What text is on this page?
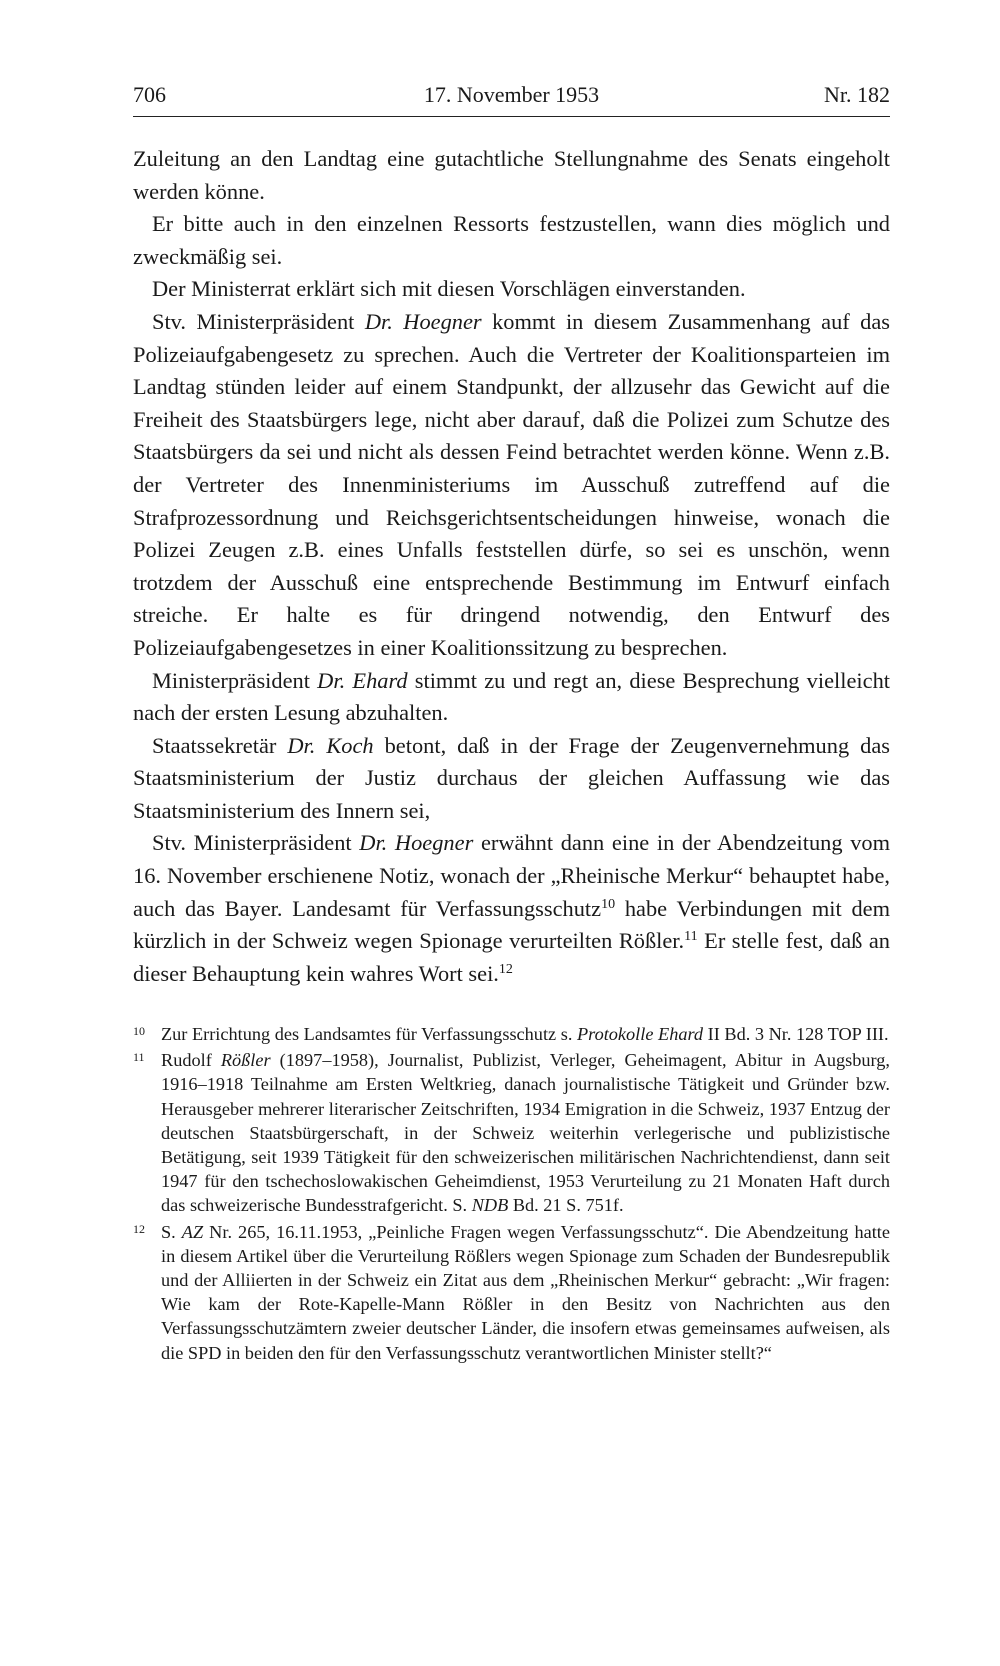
706	17. November 1953	Nr. 182

Zuleitung an den Landtag eine gutachtliche Stellungnahme des Senats eingeholt werden könne.

Er bitte auch in den einzelnen Ressorts festzustellen, wann dies möglich und zweckmäßig sei.

Der Ministerrat erklärt sich mit diesen Vorschlägen einverstanden.

Stv. Ministerpräsident Dr. Hoegner kommt in diesem Zusammenhang auf das Polizeiaufgabengesetz zu sprechen. Auch die Vertreter der Koalitionsparteien im Landtag stünden leider auf einem Standpunkt, der allzusehr das Gewicht auf die Freiheit des Staatsbürgers lege, nicht aber darauf, daß die Polizei zum Schutze des Staatsbürgers da sei und nicht als dessen Feind betrachtet werden könne. Wenn z.B. der Vertreter des Innenministeriums im Ausschuß zutreffend auf die Strafprozessordnung und Reichsgerichtsentscheidungen hinweise, wonach die Polizei Zeugen z.B. eines Unfalls feststellen dürfe, so sei es unschön, wenn trotzdem der Ausschuß eine entsprechende Bestimmung im Entwurf einfach streiche. Er halte es für dringend notwendig, den Entwurf des Polizeiaufgabengesetzes in einer Koalitionssitzung zu besprechen.

Ministerpräsident Dr. Ehard stimmt zu und regt an, diese Besprechung vielleicht nach der ersten Lesung abzuhalten.

Staatssekretär Dr. Koch betont, daß in der Frage der Zeugenvernehmung das Staatsministerium der Justiz durchaus der gleichen Auffassung wie das Staatsministerium des Innern sei,

Stv. Ministerpräsident Dr. Hoegner erwähnt dann eine in der Abendzeitung vom 16. November erschienene Notiz, wonach der „Rheinische Merkur“ behauptet habe, auch das Bayer. Landesamt für Verfassungsschutz$^{10}$ habe Verbindungen mit dem kürzlich in der Schweiz wegen Spionage verurteilten Rößler.$^{11}$ Er stelle fest, daß an dieser Behauptung kein wahres Wort sei.$^{12}$

10 Zur Errichtung des Landsamtes für Verfassungsschutz s. Protokolle Ehard II Bd. 3 Nr. 128 TOP III.
11 Rudolf Rößler (1897–1958), Journalist, Publizist, Verleger, Geheimagent, Abitur in Augsburg, 1916–1918 Teilnahme am Ersten Weltkrieg, danach journalistische Tätigkeit und Gründer bzw. Herausgeber mehrerer literarischer Zeitschriften, 1934 Emigration in die Schweiz, 1937 Entzug der deutschen Staatsbürgerschaft, in der Schweiz weiterhin verlegerische und publizistische Betätigung, seit 1939 Tätigkeit für den schweizerischen militärischen Nachrichtendienst, dann seit 1947 für den tschechoslowakischen Geheimdienst, 1953 Verurteilung zu 21 Monaten Haft durch das schweizerische Bundesstrafgericht. S. NDB Bd. 21 S. 751f.
12 S. AZ Nr. 265, 16.11.1953, „Peinliche Fragen wegen Verfassungsschutz“. Die Abendzeitung hatte in diesem Artikel über die Verurteilung Rößlers wegen Spionage zum Schaden der Bundesrepublik und der Alliierten in der Schweiz ein Zitat aus dem „Rheinischen Merkur“ gebracht: „Wir fragen: Wie kam der Rote-Kapelle-Mann Rößler in den Besitz von Nachrichten aus den Verfassungsschutzämtern zweier deutscher Länder, die insofern etwas gemeinsames aufweisen, als die SPD in beiden den für den Verfassungsschutz verantwortlichen Minister stellt?“
